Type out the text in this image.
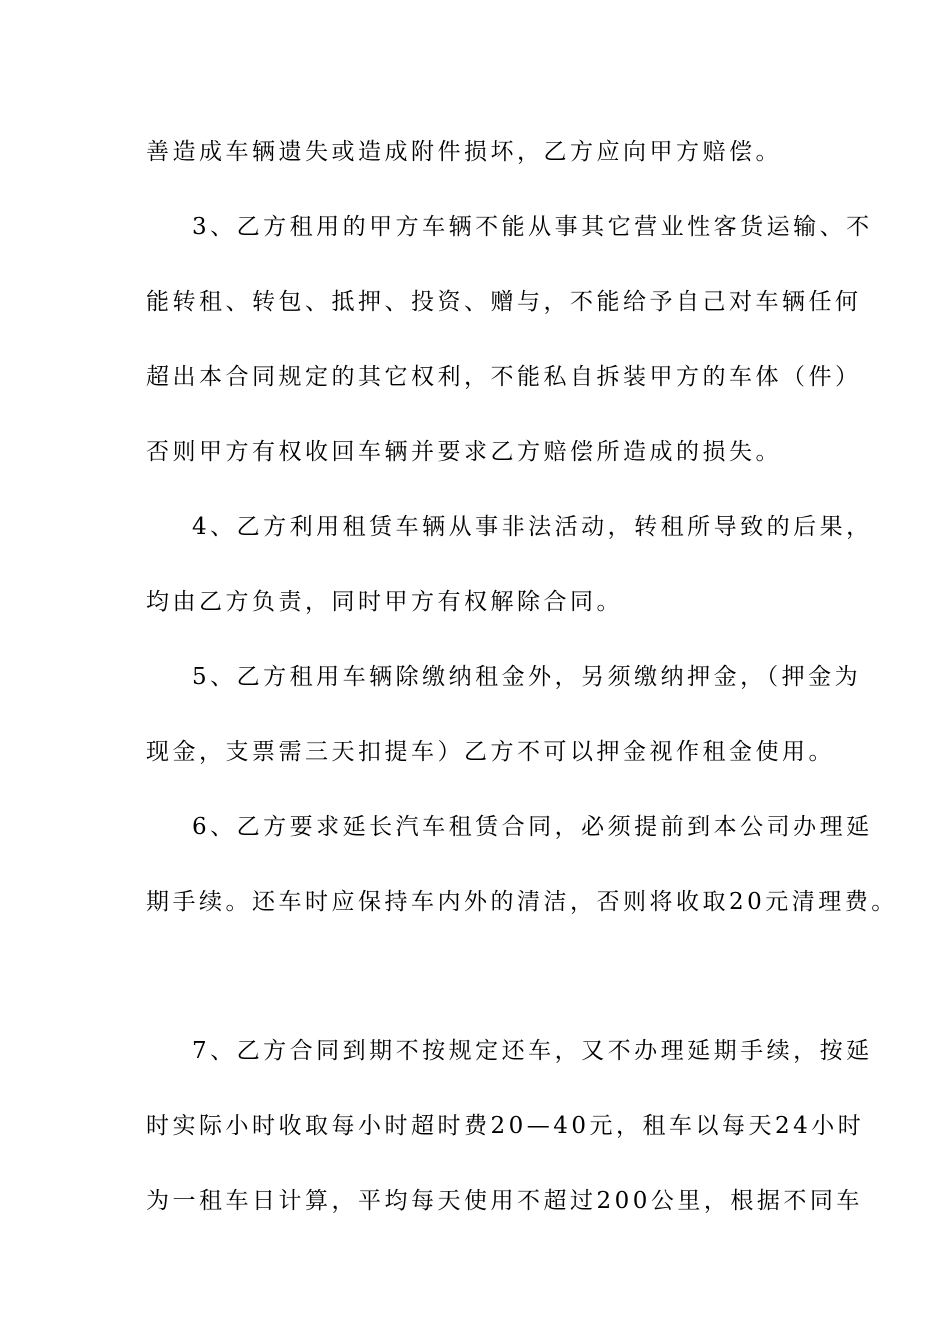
善造成车辆遗失或造成附件损坏，乙方应向甲方赔偿。
3、乙方租用的甲方车辆不能从事其它营业性客货运输、不
能转租、转包、抵押、投资、赠与，不能给予自己对车辆任何
超出本合同规定的其它权利，不能私自拆装甲方的车体（件）
否则甲方有权收回车辆并要求乙方赔偿所造成的损失。
4、乙方利用租赁车辆从事非法活动，转租所导致的后果，
均由乙方负责，同时甲方有权解除合同。
5、乙方租用车辆除缴纳租金外，另须缴纳押金，（押金为
现金，支票需三天扣提车）乙方不可以押金视作租金使用。
6、乙方要求延长汽车租赁合同，必须提前到本公司办理延
期手续。还车时应保持车内外的清洁，否则将收取20元清理费。
7、乙方合同到期不按规定还车，又不办理延期手续，按延
时实际小时收取每小时超时费20—40元，租车以每天24小时
为一租车日计算，平均每天使用不超过200公里，根据不同车
